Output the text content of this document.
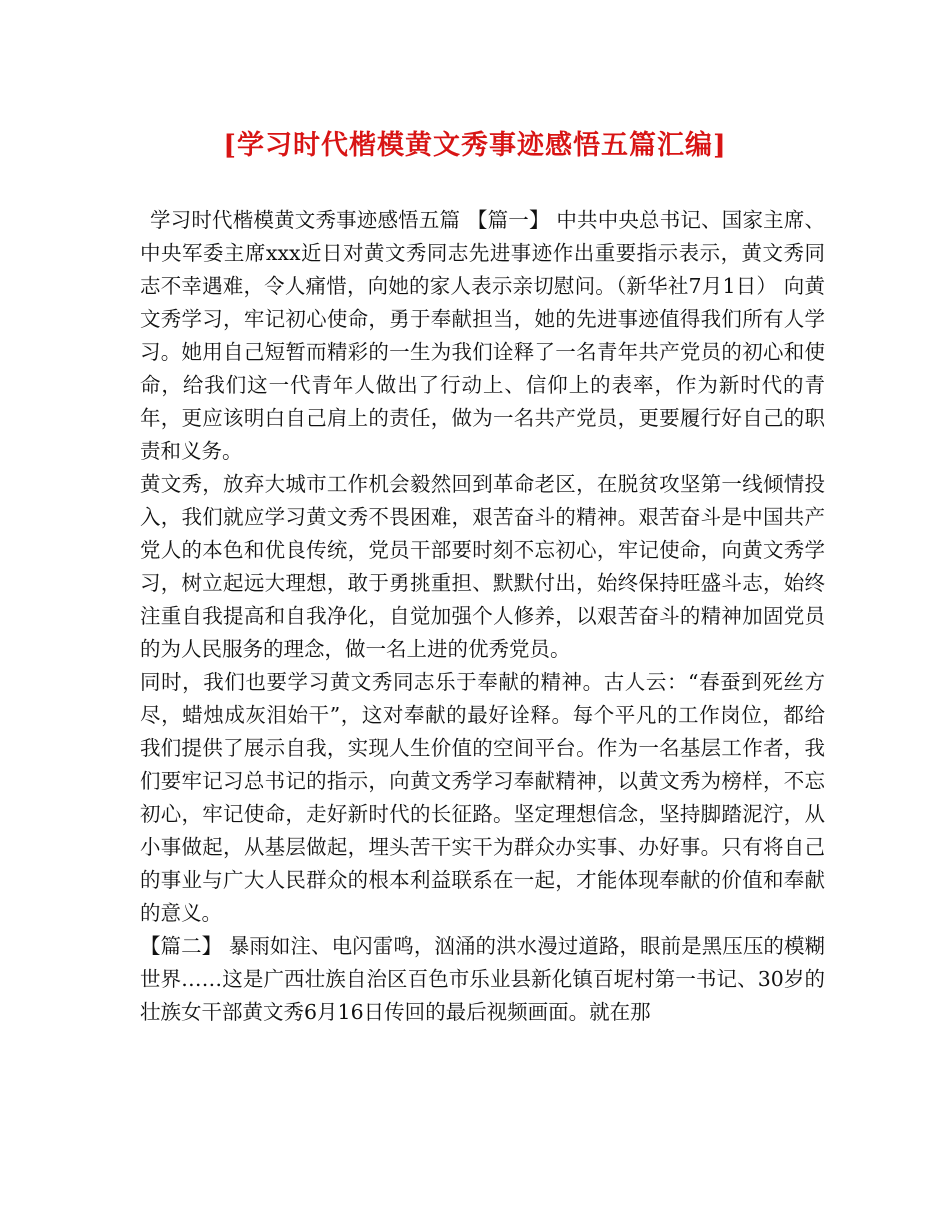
[学习时代楷模黄文秀事迹感悟五篇汇编]

学习时代楷模黄文秀事迹感悟五篇 【篇一】 中共中央总书记、国家主席、中央军委主席xxx近日对黄文秀同志先进事迹作出重要指示表示，黄文秀同志不幸遇难，令人痛惜，向她的家人表示亲切慰问。（新华社7月1日） 向黄文秀学习，牢记初心使命，勇于奉献担当，她的先进事迹值得我们所有人学习。她用自己短暂而精彩的一生为我们诠释了一名青年共产党员的初心和使命，给我们这一代青年人做出了行动上、信仰上的表率，作为新时代的青年，更应该明白自己肩上的责任，做为一名共产党员，更要履行好自己的职责和义务。

黄文秀，放弃大城市工作机会毅然回到革命老区，在脱贫攻坚第一线倾情投入，我们就应学习黄文秀不畏困难，艰苦奋斗的精神。艰苦奋斗是中国共产党人的本色和优良传统，党员干部要时刻不忘初心，牢记使命，向黄文秀学习，树立起远大理想，敢于勇挑重担、默默付出，始终保持旺盛斗志，始终注重自我提高和自我净化，自觉加强个人修养，以艰苦奋斗的精神加固党员的为人民服务的理念，做一名上进的优秀党员。

同时，我们也要学习黄文秀同志乐于奉献的精神。古人云：“春蚕到死丝方尽，蜡烛成灰泪始干”，这对奉献的最好诠释。每个平凡的工作岗位，都给我们提供了展示自我，实现人生价值的空间平台。作为一名基层工作者，我们要牢记习总书记的指示，向黄文秀学习奉献精神，以黄文秀为榜样，不忘初心，牢记使命，走好新时代的长征路。坚定理想信念，坚持脚踏泥泞，从小事做起，从基层做起，埋头苦干实干为群众办实事、办好事。只有将自己的事业与广大人民群众的根本利益联系在一起，才能体现奉献的价值和奉献的意义。

【篇二】 暴雨如注、电闪雷鸣，汹涌的洪水漫过道路，眼前是黑压压的模糊世界……这是广西壮族自治区百色市乐业县新化镇百坭村第一书记、30岁的壮族女干部黄文秀6月16日传回的最后视频画面。就在那
